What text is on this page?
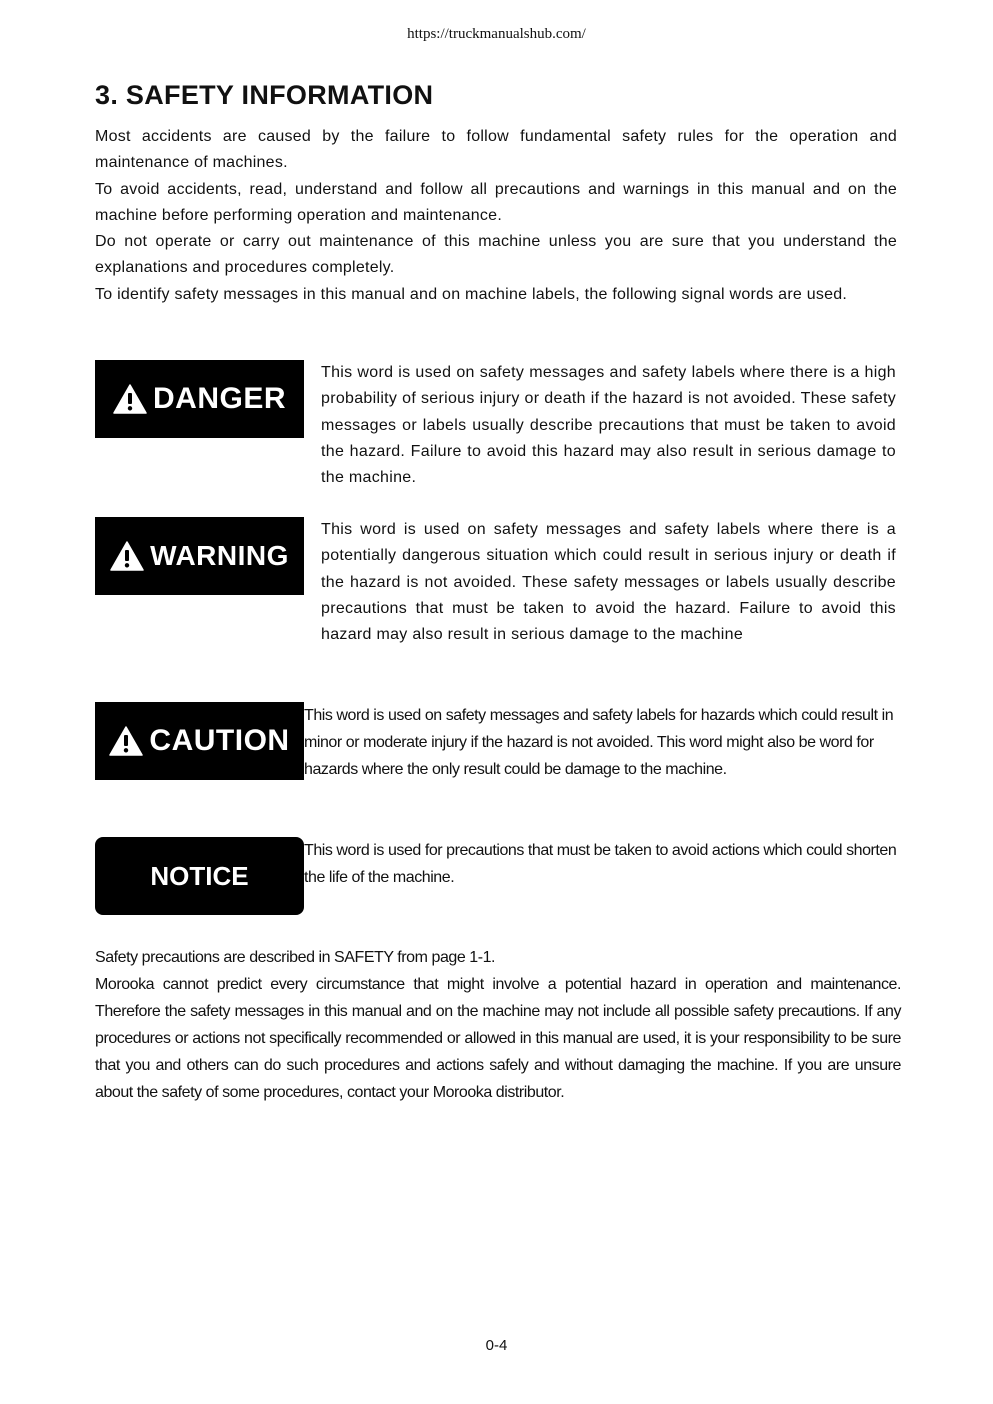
https://truckmanualshub.com/
3. SAFETY INFORMATION

Most accidents are caused by the failure to follow fundamental safety rules for the operation and maintenance of machines.

To avoid accidents, read, understand and follow all precautions and warnings in this manual and on the machine before performing operation and maintenance.

Do not operate or carry out maintenance of this machine unless you are sure that you understand the explanations and procedures completely.

To identify safety messages in this manual and on machine labels, the following signal words are used.

DANGER
This word is used on safety messages and safety labels where there is a high probability of serious injury or death if the hazard is not avoided. These safety messages or labels usually describe precautions that must be taken to avoid the hazard. Failure to avoid this hazard may also result in serious damage to the machine.
WARNING
This word is used on safety messages and safety labels where there is a potentially dangerous situation which could result in serious injury or death if the hazard is not avoided. These safety messages or labels usually describe precautions that must be taken to avoid the hazard. Failure to avoid this hazard may also result in serious damage to the machine
CAUTION
This word is used on safety messages and safety labels for hazards which could result in minor or moderate injury if the hazard is not avoided. This word might also be word for hazards where the only result could be damage to the machine.
NOTICE
This word is used for precautions that must be taken to avoid actions which could shorten the life of the machine.

Safety precautions are described in SAFETY from page 1-1.

Morooka cannot predict every circumstance that might involve a potential hazard in operation and maintenance. Therefore the safety messages in this manual and on the machine may not include all possible safety precautions. If any procedures or actions not specifically recommended or allowed in this manual are used, it is your responsibility to be sure that you and others can do such procedures and actions safely and without damaging the machine. If you are unsure about the safety of some procedures, contact your Morooka distributor.

0-4
